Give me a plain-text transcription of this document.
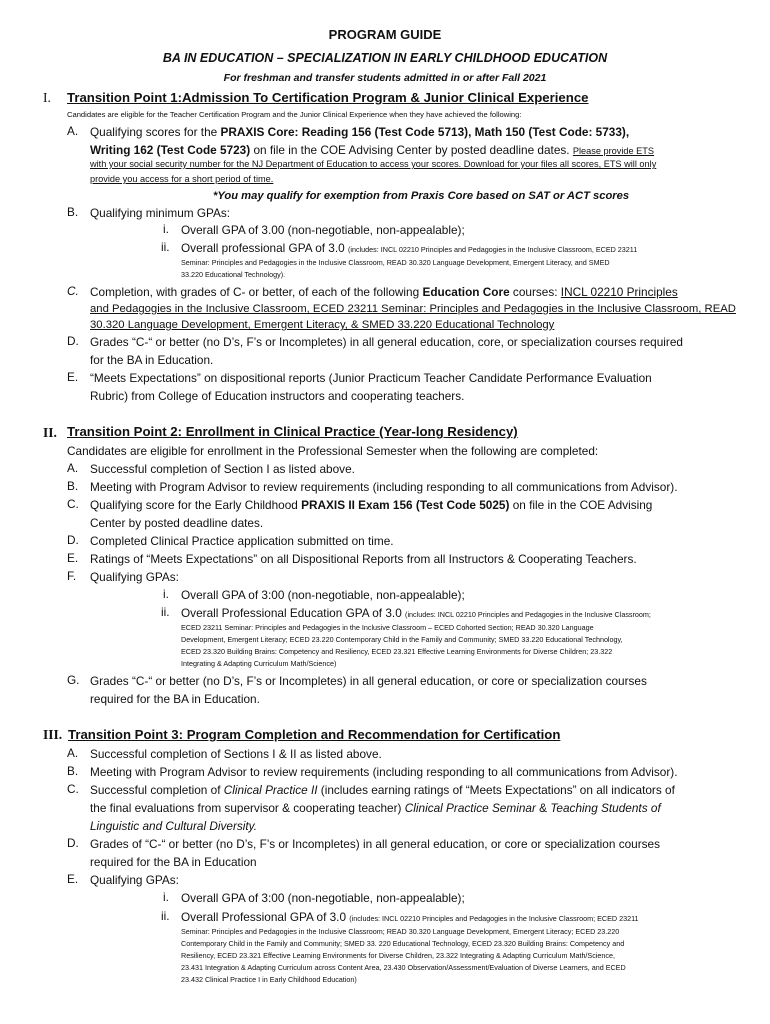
PROGRAM GUIDE
BA IN EDUCATION – SPECIALIZATION IN EARLY CHILDHOOD EDUCATION
For freshman and transfer students admitted in or after Fall 2021
I. Transition Point 1:Admission To Certification Program & Junior Clinical Experience
Candidates are eligible for the Teacher Certification Program and the Junior Clinical Experience when they have achieved the following:
A. Qualifying scores for the PRAXIS Core: Reading 156 (Test Code 5713), Math 150 (Test Code: 5733),
Writing 162 (Test Code 5723) on file in the COE Advising Center by posted deadline dates. Please provide ETS
with your social security number for the NJ Department of Education to access your scores. Download for your files all scores, ETS will only
provide you access for a short period of time.
*You may qualify for exemption from Praxis Core based on SAT or ACT scores
B. Qualifying minimum GPAs:
i. Overall GPA of 3.00 (non-negotiable, non-appealable);
ii. Overall professional GPA of 3.0 (includes: INCL 02210 Principles and Pedagogies in the Inclusive Classroom, ECED 23211
Seminar: Principles and Pedagogies in the Inclusive Classroom, READ 30.320 Language Development, Emergent Literacy, and SMED
33.220 Educational Technology).
C. Completion, with grades of C- or better, of each of the following Education Core courses: INCL 02210 Principles
and Pedagogies in the Inclusive Classroom, ECED 23211 Seminar: Principles and Pedagogies in the Inclusive Classroom, READ
30.320 Language Development, Emergent Literacy, & SMED 33.220 Educational Technology
D. Grades “C-“ or better (no D’s, F’s or Incompletes) in all general education, core, or specialization courses required
for the BA in Education.
E. “Meets Expectations” on dispositional reports (Junior Practicum Teacher Candidate Performance Evaluation
Rubric) from College of Education instructors and cooperating teachers.
II. Transition Point 2: Enrollment in Clinical Practice (Year-long Residency)
Candidates are eligible for enrollment in the Professional Semester when the following are completed:
A. Successful completion of Section I as listed above.
B. Meeting with Program Advisor to review requirements (including responding to all communications from Advisor).
C. Qualifying score for the Early Childhood PRAXIS II Exam 156 (Test Code 5025) on file in the COE Advising
Center by posted deadline dates.
D. Completed Clinical Practice application submitted on time.
E. Ratings of “Meets Expectations” on all Dispositional Reports from all Instructors & Cooperating Teachers.
F. Qualifying GPAs:
i. Overall GPA of 3:00 (non-negotiable, non-appealable);
ii. Overall Professional Education GPA of 3.0 (includes: INCL 02210 Principles and Pedagogies in the Inclusive Classroom;
ECED 23211 Seminar: Principles and Pedagogies in the Inclusive Classroom – ECED Cohorted Section; READ 30.320 Language
Development, Emergent Literacy; ECED 23.220 Contemporary Child in the Family and Community; SMED 33.220 Educational Technology,
ECED 23.320 Building Brains: Competency and Resiliency, ECED 23.321 Effective Learning Environments for Diverse Children; 23.322
Integrating & Adapting Curriculum Math/Science)
G. Grades “C-“ or better (no D’s, F’s or Incompletes) in all general education, or core or specialization courses
required for the BA in Education.
III. Transition Point 3: Program Completion and Recommendation for Certification
A. Successful completion of Sections I & II as listed above.
B. Meeting with Program Advisor to review requirements (including responding to all communications from Advisor).
C. Successful completion of Clinical Practice II (includes earning ratings of “Meets Expectations” on all indicators of
the final evaluations from supervisor & cooperating teacher) Clinical Practice Seminar & Teaching Students of
Linguistic and Cultural Diversity.
D. Grades of “C-“ or better (no D’s, F’s or Incompletes) in all general education, or core or specialization courses
required for the BA in Education
E. Qualifying GPAs:
i. Overall GPA of 3:00 (non-negotiable, non-appealable);
ii. Overall Professional GPA of 3.0 (includes: INCL 02210 Principles and Pedagogies in the Inclusive Classroom; ECED 23211
Seminar: Principles and Pedagogies in the Inclusive Classroom; READ 30.320 Language Development, Emergent Literacy; ECED 23.220
Contemporary Child in the Family and Community; SMED 33. 220 Educational Technology, ECED 23.320 Building Brains: Competency and
Resiliency, ECED 23.321 Effective Learning Environments for Diverse Children, 23.322 Integrating & Adapting Curriculum Math/Science,
23.431 Integration & Adapting Curriculum across Content Area, 23.430 Observation/Assessment/Evaluation of Diverse Learners, and ECED
23.432 Clinical Practice I in Early Childhood Education)
